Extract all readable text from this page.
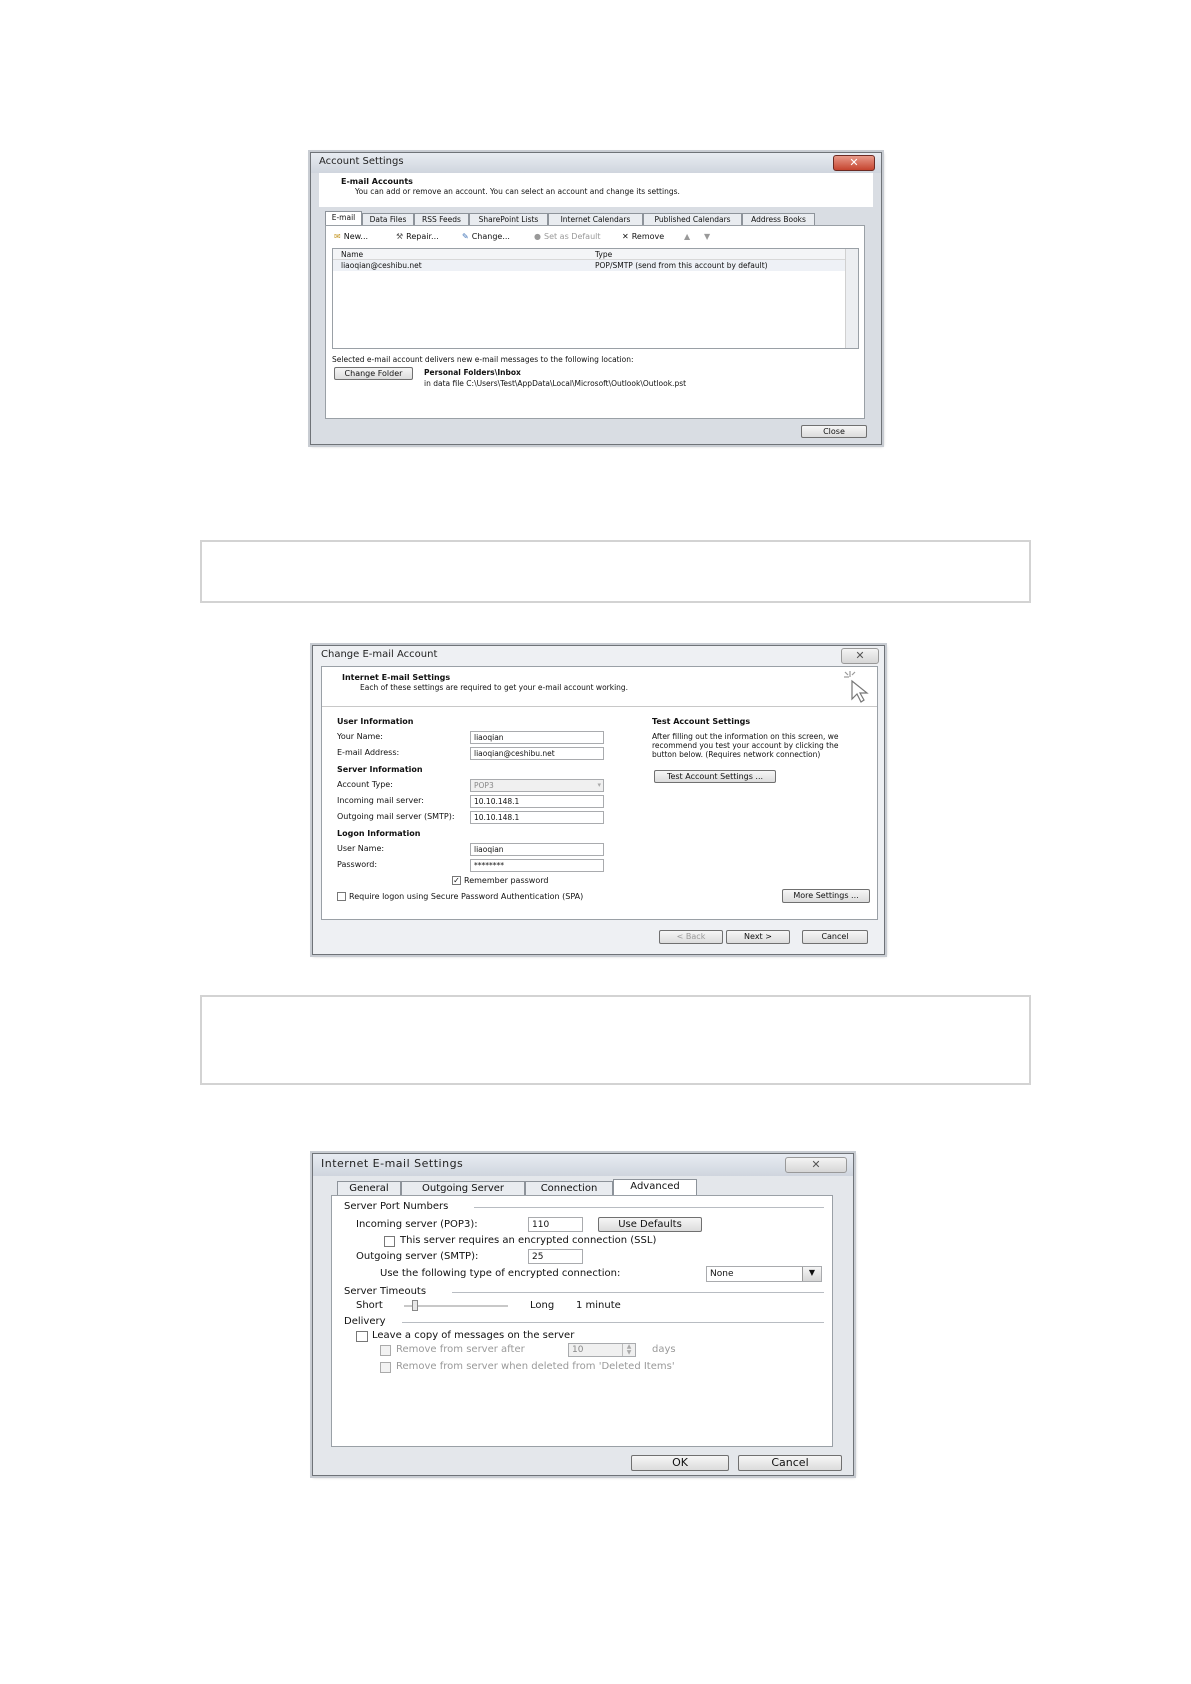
Account Settings	✕
E-mail Accounts
You can add or remove an account. You can select an account and change its settings.
E-mail	Data Files	RSS Feeds	SharePoint Lists	Internet Calendars	Published Calendars	Address Books
✉ New...	⚒ Repair...	✎ Change...	● Set as Default	✕ Remove ▲ ▼
Name	Type
liaoqian@ceshibu.net	POP/SMTP (send from this account by default)
Selected e-mail account delivers new e-mail messages to the following location:
Change Folder	Personal Folders\Inbox
in data file C:\Users\Test\AppData\Local\Microsoft\Outlook\Outlook.pst
Close
Change E-mail Account	✕
Internet E-mail Settings
Each of these settings are required to get your e-mail account working.
User Information
Your Name:	liaoqian
E-mail Address:	liaoqian@ceshibu.net
Server Information
Account Type:	POP3	▾
Incoming mail server:	10.10.148.1
Outgoing mail server (SMTP):	10.10.148.1
Logon Information
User Name:	liaoqian
Password:	********
✓ Remember password
Require logon using Secure Password Authentication (SPA)
Test Account Settings
After filling out the information on this screen, we
recommend you test your account by clicking the
button below. (Requires network connection)
Test Account Settings ...
More Settings ...
< Back	Next >	Cancel
Internet E-mail Settings	✕
General	Outgoing Server	Connection	Advanced
Server Port Numbers
Incoming server (POP3):	110	Use Defaults
This server requires an encrypted connection (SSL)
Outgoing server (SMTP):	25
Use the following type of encrypted connection:	None	▼
Server Timeouts
Short	Long 1 minute
Delivery
Leave a copy of messages on the server
Remove from server after	10	▲
▼	days
Remove from server when deleted from 'Deleted Items'
OK	Cancel
